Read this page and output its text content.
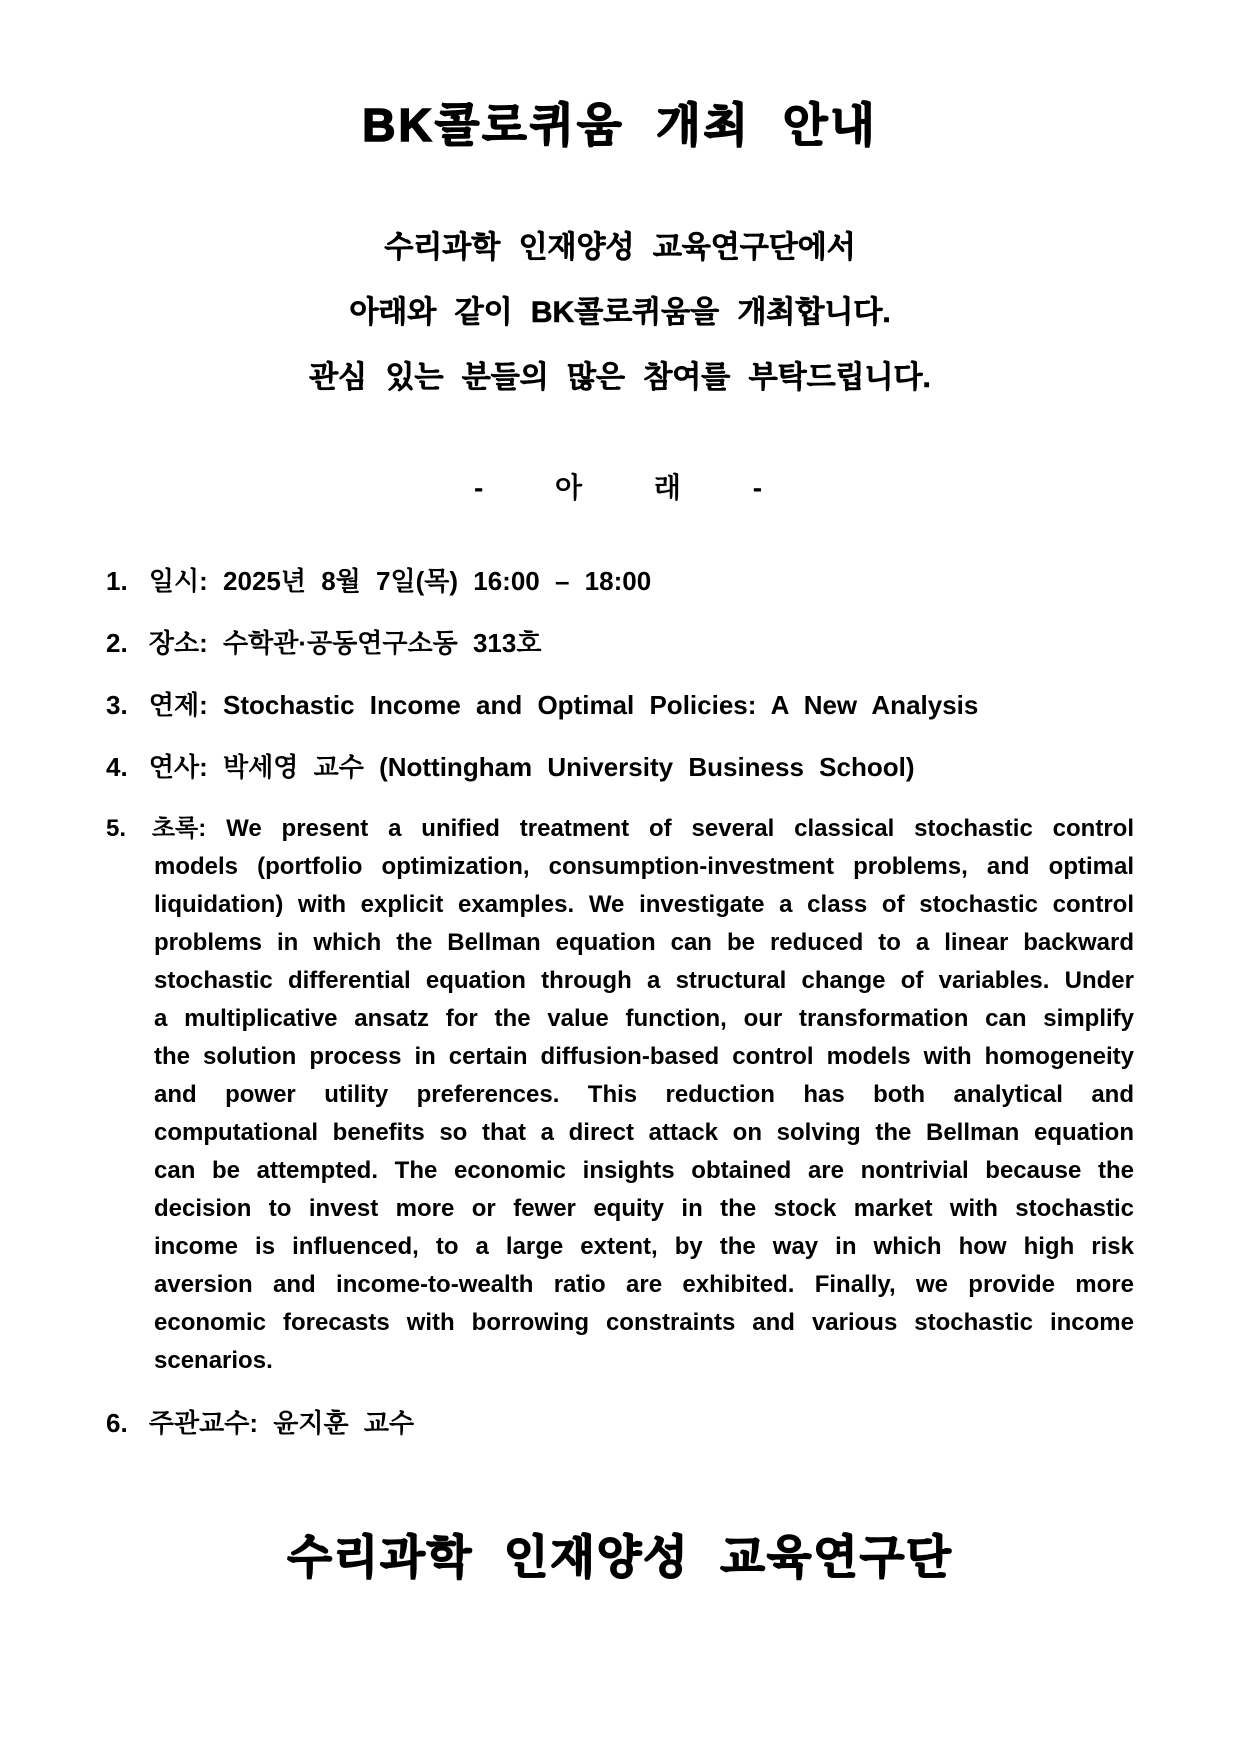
BK콜로퀴움 개최 안내

수리과학 인재양성 교육연구단에서

아래와 같이 BK콜로퀴움을 개최합니다.

관심 있는 분들의 많은 참여를 부탁드립니다.

- 아 래 -

1. 일시: 2025년 8월 7일(목) 16:00 – 18:00
2. 장소: 수학관·공동연구소동 313호
3. 연제: Stochastic Income and Optimal Policies: A New Analysis
4. 연사: 박세영 교수 (Nottingham University Business School)
5. 초록: We present a unified treatment of several classical stochastic control models (portfolio optimization, consumption-investment problems, and optimal liquidation) with explicit examples. We investigate a class of stochastic control problems in which the Bellman equation can be reduced to a linear backward stochastic differential equation through a structural change of variables. Under a multiplicative ansatz for the value function, our transformation can simplify the solution process in certain diffusion-based control models with homogeneity and power utility preferences. This reduction has both analytical and computational benefits so that a direct attack on solving the Bellman equation can be attempted. The economic insights obtained are nontrivial because the decision to invest more or fewer equity in the stock market with stochastic income is influenced, to a large extent, by the way in which how high risk aversion and income-to-wealth ratio are exhibited. Finally, we provide more economic forecasts with borrowing constraints and various stochastic income scenarios.
6. 주관교수: 윤지훈 교수

수리과학 인재양성 교육연구단
